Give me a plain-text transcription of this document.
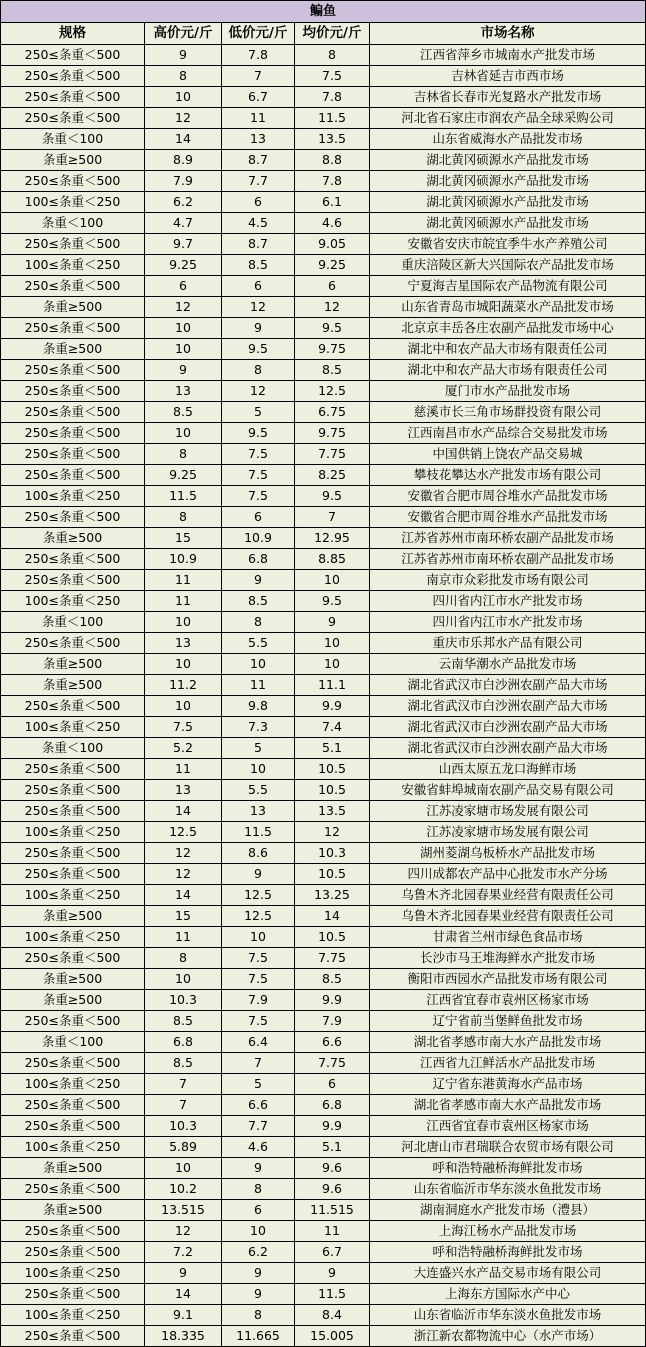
鳊鱼				
规格	高价元/斤	低价元/斤	均价元/斤	市场名称
250≤条重＜500	9	7.8	8	江西省萍乡市城南水产批发市场
250≤条重＜500	8	7	7.5	吉林省延吉市西市场
250≤条重＜500	10	6.7	7.8	吉林省长春市光复路水产批发市场
250≤条重＜500	12	11	11.5	河北省石家庄市润农产品全球采购公司
条重＜100	14	13	13.5	山东省威海水产品批发市场
条重≥500	8.9	8.7	8.8	湖北黄冈硕源水产品批发市场
250≤条重＜500	7.9	7.7	7.8	湖北黄冈硕源水产品批发市场
100≤条重＜250	6.2	6	6.1	湖北黄冈硕源水产品批发市场
条重＜100	4.7	4.5	4.6	湖北黄冈硕源水产品批发市场
250≤条重＜500	9.7	8.7	9.05	安徽省安庆市皖宜季牛水产养殖公司
100≤条重＜250	9.25	8.5	9.25	重庆涪陵区新大兴国际农产品批发市场
250≤条重＜500	6	6	6	宁夏海吉星国际农产品物流有限公司
条重≥500	12	12	12	山东省青岛市城阳蔬菜水产品批发市场
250≤条重＜500	10	9	9.5	北京京丰岳各庄农副产品批发市场中心
条重≥500	10	9.5	9.75	湖北中和农产品大市场有限责任公司
250≤条重＜500	9	8	8.5	湖北中和农产品大市场有限责任公司
250≤条重＜500	13	12	12.5	厦门市水产品批发市场
250≤条重＜500	8.5	5	6.75	慈溪市长三角市场群投资有限公司
250≤条重＜500	10	9.5	9.75	江西南昌市水产品综合交易批发市场
250≤条重＜500	8	7.5	7.75	中国供销上饶农产品交易城
250≤条重＜500	9.25	7.5	8.25	攀枝花攀达水产批发市场有限公司
100≤条重＜250	11.5	7.5	9.5	安徽省合肥市周谷堆水产品批发市场
250≤条重＜500	8	6	7	安徽省合肥市周谷堆水产品批发市场
条重≥500	15	10.9	12.95	江苏省苏州市南环桥农副产品批发市场
250≤条重＜500	10.9	6.8	8.85	江苏省苏州市南环桥农副产品批发市场
250≤条重＜500	11	9	10	南京市众彩批发市场有限公司
100≤条重＜250	11	8.5	9.5	四川省内江市水产批发市场
条重＜100	10	8	9	四川省内江市水产批发市场
250≤条重＜500	13	5.5	10	重庆市乐邦水产品有限公司
条重≥500	10	10	10	云南华潮水产品批发市场
条重≥500	11.2	11	11.1	湖北省武汉市白沙洲农副产品大市场
250≤条重＜500	10	9.8	9.9	湖北省武汉市白沙洲农副产品大市场
100≤条重＜250	7.5	7.3	7.4	湖北省武汉市白沙洲农副产品大市场
条重＜100	5.2	5	5.1	湖北省武汉市白沙洲农副产品大市场
250≤条重＜500	11	10	10.5	山西太原五龙口海鲜市场
250≤条重＜500	13	5.5	10.5	安徽省蚌埠城南农副产品交易有限公司
250≤条重＜500	14	13	13.5	江苏凌家塘市场发展有限公司
100≤条重＜250	12.5	11.5	12	江苏凌家塘市场发展有限公司
250≤条重＜500	12	8.6	10.3	湖州菱湖乌板桥水产品批发市场
250≤条重＜500	12	9	10.5	四川成都农产品中心批发市水产分场
100≤条重＜250	14	12.5	13.25	乌鲁木齐北园春果业经营有限责任公司
条重≥500	15	12.5	14	乌鲁木齐北园春果业经营有限责任公司
100≤条重＜250	11	10	10.5	甘肃省兰州市绿色食品市场
250≤条重＜500	8	7.5	7.75	长沙市马王堆海鲜水产批发市场
条重≥500	10	7.5	8.5	衡阳市西园水产品批发市场有限公司
条重≥500	10.3	7.9	9.9	江西省宜春市袁州区杨家市场
250≤条重＜500	8.5	7.5	7.9	辽宁省前当堡鲜鱼批发市场
条重＜100	6.8	6.4	6.6	湖北省孝感市南大水产品批发市场
250≤条重＜500	8.5	7	7.75	江西省九江鲜活水产品批发市场
100≤条重＜250	7	5	6	辽宁省东港黄海水产品市场
250≤条重＜500	7	6.6	6.8	湖北省孝感市南大水产品批发市场
250≤条重＜500	10.3	7.7	9.9	江西省宜春市袁州区杨家市场
100≤条重＜250	5.89	4.6	5.1	河北唐山市君瑞联合农贸市场有限公司
条重≥500	10	9	9.6	呼和浩特融桥海鲜批发市场
250≤条重＜500	10.2	8	9.6	山东省临沂市华东淡水鱼批发市场
条重≥500	13.515	6	11.515	湖南洞庭水产批发市场（澧县）
250≤条重＜500	12	10	11	上海江杨水产品批发市场
250≤条重＜500	7.2	6.2	6.7	呼和浩特融桥海鲜批发市场
100≤条重＜250	9	9	9	大连盛兴水产品交易市场有限公司
250≤条重＜500	14	9	11.5	上海东方国际水产中心
100≤条重＜250	9.1	8	8.4	山东省临沂市华东淡水鱼批发市场
250≤条重＜500	18.335	11.665	15.005	浙江新农都物流中心（水产市场）
